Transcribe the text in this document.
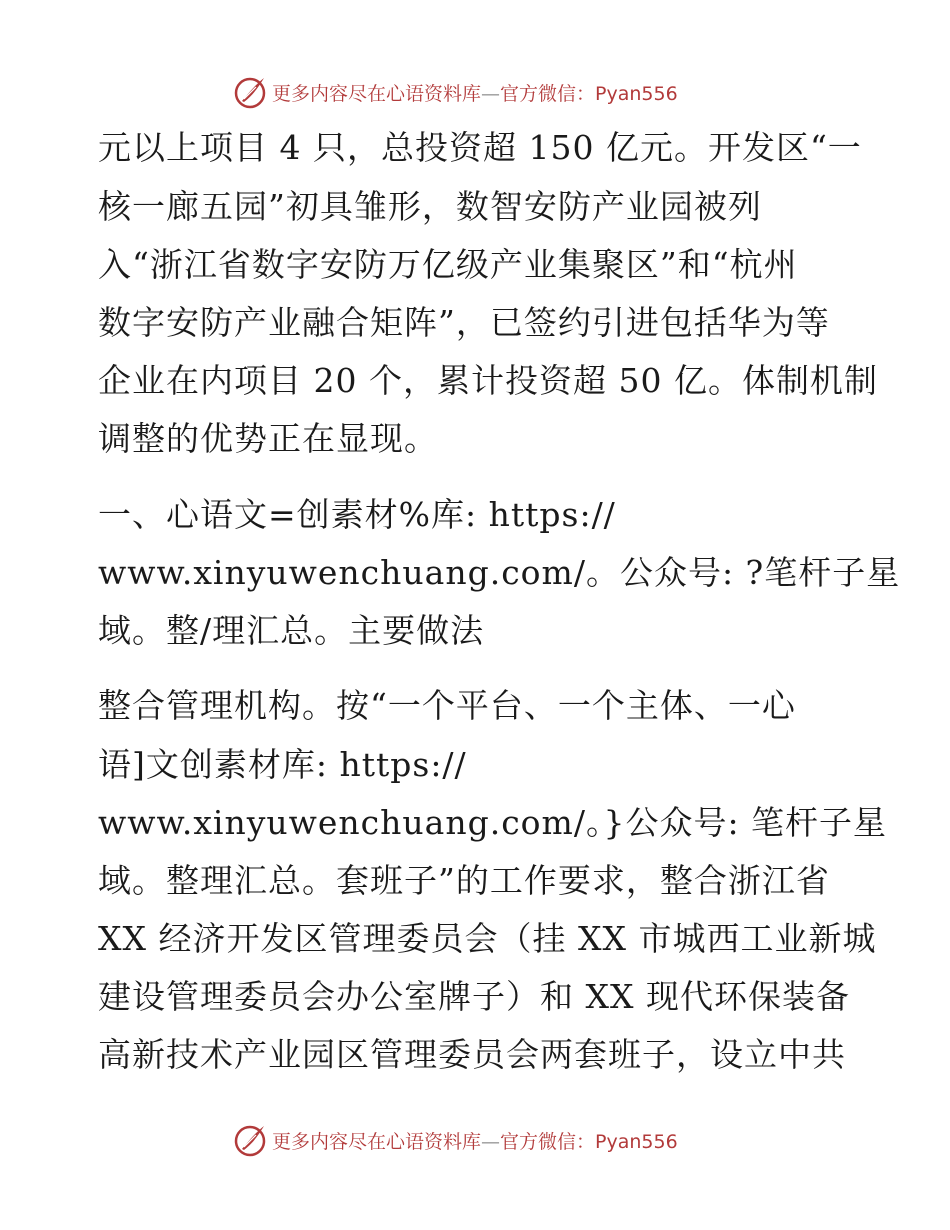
更多内容尽在心语资料库—官方微信：Pyan556
元以上项目 4 只，总投资超 150 亿元。开发区“一
核一廊五园”初具雏形，数智安防产业园被列
入“浙江省数字安防万亿级产业集聚区”和“杭州
数字安防产业融合矩阵”，已签约引进包括华为等
企业在内项目 20 个，累计投资超 50 亿。体制机制
调整的优势正在显现。
一、心语文=创素材%库: https://
www.xinyuwenchuang.com/。公众号: ?笔杆子星
域。整/理汇总。主要做法
整合管理机构。按“一个平台、一个主体、一心
语]文创素材库: https://
www.xinyuwenchuang.com/。}公众号: 笔杆子星
域。整理汇总。套班子”的工作要求，整合浙江省
XX 经济开发区管理委员会（挂 XX 市城西工业新城
建设管理委员会办公室牌子）和 XX 现代环保装备
高新技术产业园区管理委员会两套班子，设立中共
更多内容尽在心语资料库—官方微信：Pyan556
